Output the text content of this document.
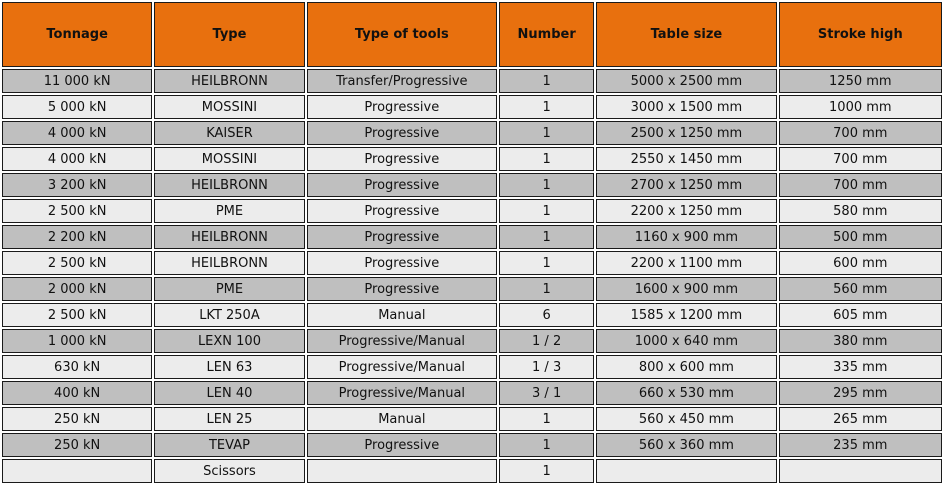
Tonnage	Type	Type of tools	Number	Table size	Stroke high
11 000 kN	HEILBRONN	Transfer/Progressive	1	5000 x 2500 mm	1250 mm
5 000 kN	MOSSINI	Progressive	1	3000 x 1500 mm	1000 mm
4 000 kN	KAISER	Progressive	1	2500 x 1250 mm	700 mm
4 000 kN	MOSSINI	Progressive	1	2550 x 1450 mm	700 mm
3 200 kN	HEILBRONN	Progressive	1	2700 x 1250 mm	700 mm
2 500 kN	PME	Progressive	1	2200 x 1250 mm	580 mm
2 200 kN	HEILBRONN	Progressive	1	1160 x 900 mm	500 mm
2 500 kN	HEILBRONN	Progressive	1	2200 x 1100 mm	600 mm
2 000 kN	PME	Progressive	1	1600 x 900 mm	560 mm
2 500 kN	LKT 250A	Manual	6	1585 x 1200 mm	605 mm
1 000 kN	LEXN 100	Progressive/Manual	1 / 2	1000 x 640 mm	380 mm
630 kN	LEN 63	Progressive/Manual	1 / 3	800 x 600 mm	335 mm
400 kN	LEN 40	Progressive/Manual	3 / 1	660 x 530 mm	295 mm
250 kN	LEN 25	Manual	1	560 x 450 mm	265 mm
250 kN	TEVAP	Progressive	1	560 x 360 mm	235 mm
	Scissors		1		
